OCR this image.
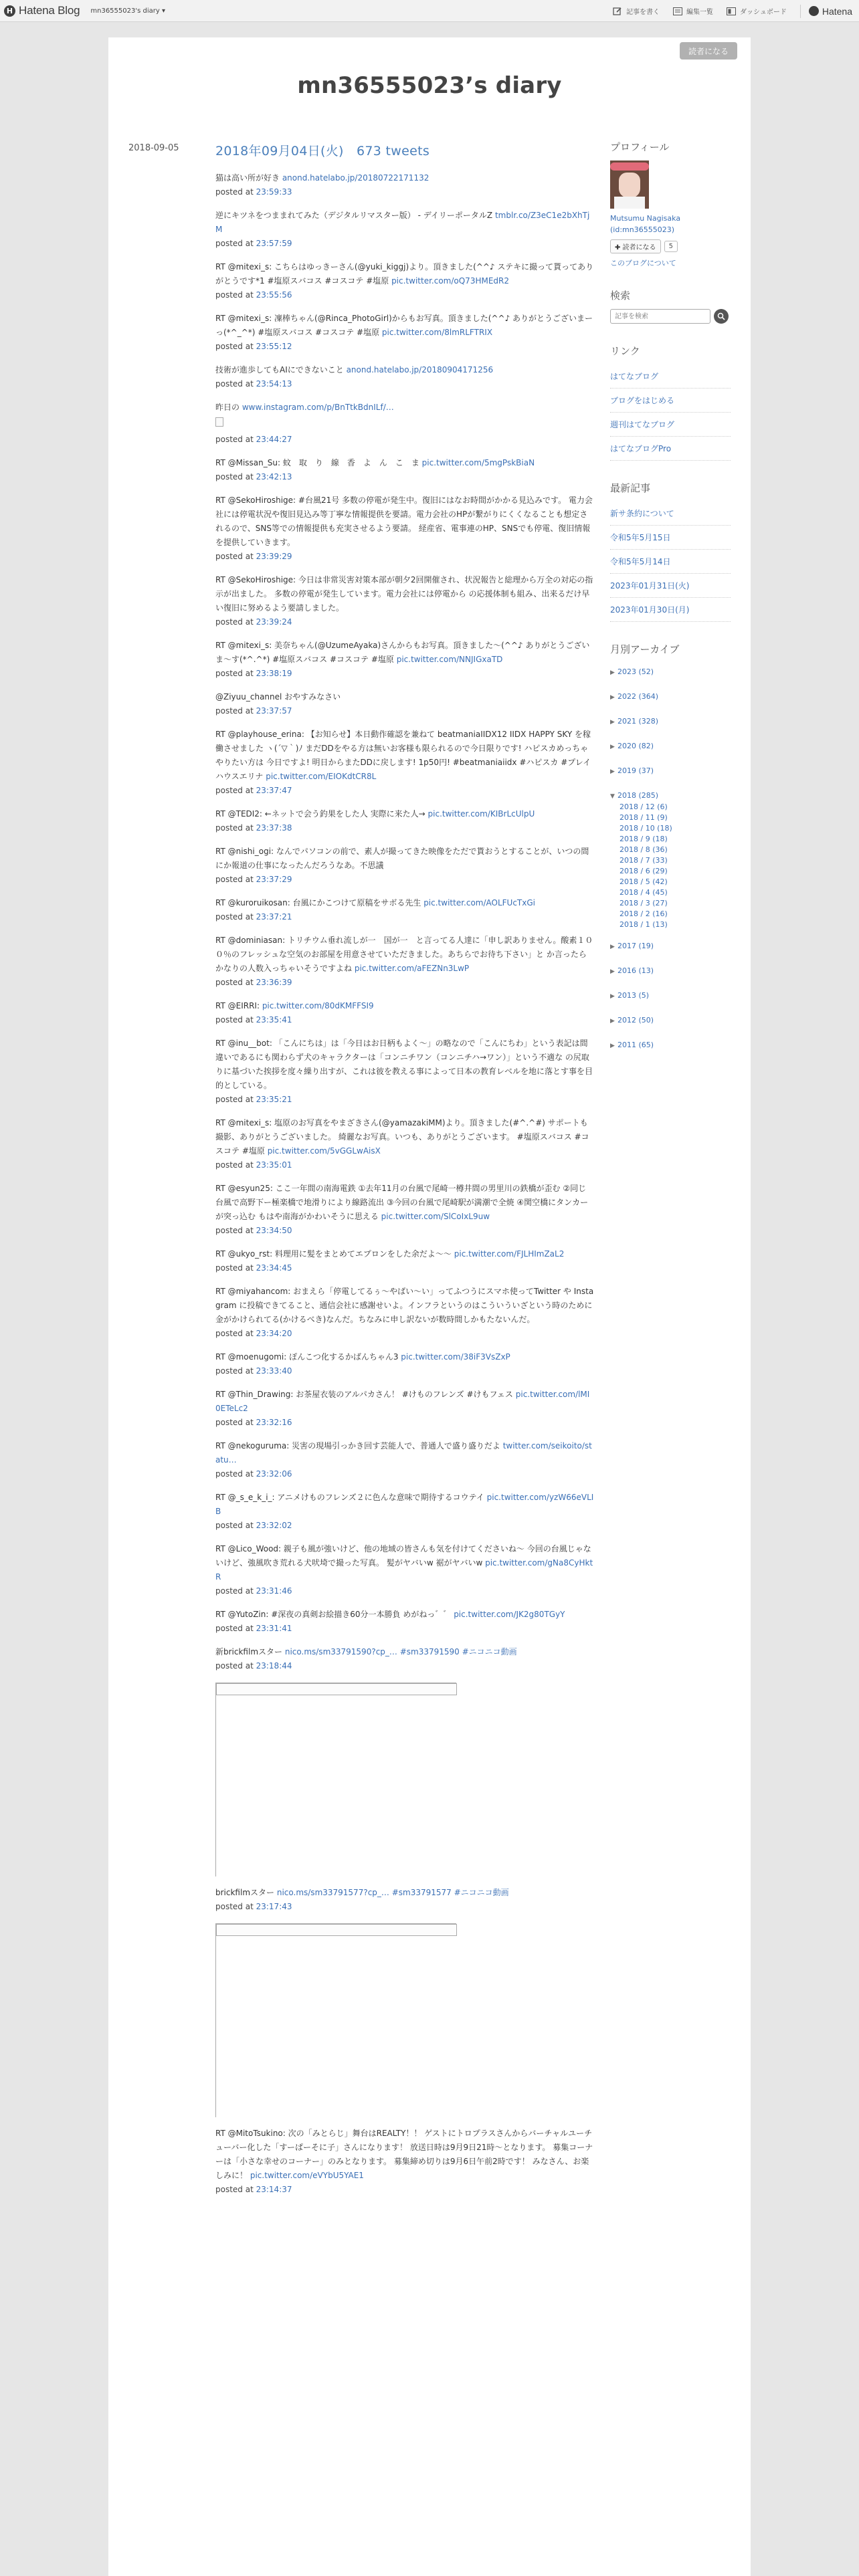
H Hatena Blog mn36555023's diary ▾	記事を書く	編集一覧	ダッシュボード	Hatena
読者になる
mn36555023’s diary
2018-09-05	2018年09月04日(火)　673 tweets
猫は高い所が好き anond.hatelabo.jp/20180722171132
posted at 23:59:33
逆にキツネをつままれてみた（デジタルリマスター版） - デイリーポータルZ tmblr.co/Z3eC1e2bXhTjM
posted at 23:57:59
RT @mitexi_s: こちらはゆっきーさん(@yuki_kiggj)より。頂きました(^^♪ ステキに撮って貰ってありがとうです*1 #塩原スバコス #コスコテ #塩原 pic.twitter.com/oQ73HMEdR2
posted at 23:55:56
RT @mitexi_s: 凜棒ちゃん(@Rinca_PhotoGirl)からもお写真。頂きました(^^♪ ありがとうございまーっ(*^_^*) #塩原スバコス #コスコテ #塩原 pic.twitter.com/8lmRLFTRIX
posted at 23:55:12
技術が進歩してもAIにできないこと anond.hatelabo.jp/20180904171256
posted at 23:54:13
昨日の www.instagram.com/p/BnTtkBdnILf/…

posted at 23:44:27
RT @Missan_Su: 蚊　取　り　線　香　よ　ん　こ　ま pic.twitter.com/5mgPskBiaN
posted at 23:42:13
RT @SekoHiroshige: #台風21号 多数の停電が発生中。復旧にはなお時間がかかる見込みです。 電力会社には停電状況や復旧見込み等丁寧な情報提供を要請。電力会社のHPが繋がりにくくなることも想定されるので、SNS等での情報提供も充実させるよう要請。 経産省、電事連のHP、SNSでも停電、復旧情報を提供していきます。
posted at 23:39:29
RT @SekoHiroshige: 今日は非常災害対策本部が朝夕2回開催され、状況報告と総理から万全の対応の指示が出ました。 多数の停電が発生しています。電力会社には停電から の応援体制も組み、出来るだけ早い復旧に努めるよう要請しました。
posted at 23:39:24
RT @mitexi_s: 美奈ちゃん(@UzumeAyaka)さんからもお写真。頂きました〜(^^♪ ありがとうございま〜す(*^.^*) #塩原スバコス #コスコテ #塩原 pic.twitter.com/NNJIGxaTD
posted at 23:38:19
@Ziyuu_channel おやすみなさい
posted at 23:37:57
RT @playhouse_erina: 【お知らせ】本日動作確認を兼ねて beatmaniaIIDX12 IIDX HAPPY SKY を稼働させました ヽ(´▽｀)ﾉ まだDDをやる方は無いお客様も限られるので今日限りです! ハピスカめっちゃやりたい方は 今日ですよ! 明日からまたDDに戻します! 1p50円! #beatmaniaiidx #ハピスカ #プレイハウスエリナ pic.twitter.com/EIOKdtCR8L
posted at 23:37:47
RT @TEDI2: ←ネットで会う釣果をした人 実際に来た人→ pic.twitter.com/KIBrLcUlpU
posted at 23:37:38
RT @nishi_ogi: なんでパソコンの前で、素人が撮ってきた映像をただで貰おうとすることが、いつの間にか報道の仕事になったんだろうなあ。不思議
posted at 23:37:29
RT @kuroruikosan: 台風にかこつけて原稿をサボる先生 pic.twitter.com/AOLFUcTxGi
posted at 23:37:21
RT @dominiasan: トリチウム垂れ流しが一　国が一　と言ってる人達に「申し訳ありません。酸素１００％のフレッシュな空気のお部屋を用意させていただきました。あちらでお待ち下さい」と か言ったらかなりの人数入っちゃいそうですよね pic.twitter.com/aFEZNn3LwP
posted at 23:36:39
RT @EIRRI: pic.twitter.com/80dKMFFSI9
posted at 23:35:41
RT @inu__bot: 「こんにちは」は「今日はお日柄もよく〜」の略なので「こんにちわ」という表記は間違いであるにも関わらず犬のキャラクターは「コンニチワン（コンニチハ→ワン）」という不適な の尻取りに基づいた挨拶を度々繰り出すが、これは彼を教える事によって日本の教育レベルを地に落とす事を目的としている。
posted at 23:35:21
RT @mitexi_s: 塩原のお写真をやまざきさん(@yamazakiMM)より。頂きました(#^.^#) サポートも撮影、ありがとうございました。 綺麗なお写真。いつも、ありがとうございます。 #塩原スバコス #コスコテ #塩原 pic.twitter.com/5vGGLwAisX
posted at 23:35:01
RT @esyun25: ここ一年間の南海電鉄 ①去年11月の台風で尾崎一樽井間の男里川の鉄橋が歪む ②同じ台風で高野下ー極楽橋で地滑りにより線路流出 ③今回の台風で尾崎駅が満潮で全焼 ④関空橋にタンカーが突っ込む もはや南海がかわいそうに思える pic.twitter.com/SlCoIxL9uw
posted at 23:34:50
RT @ukyo_rst: 料理用に髪をまとめてエプロンをした余だよ〜〜 pic.twitter.com/FJLHImZaL2
posted at 23:34:45
RT @miyahancom: おまえら「停電してるぅ〜やばい〜い」ってふつうにスマホ使ってTwitter や Instagram に投稿できてること、通信会社に感謝せいよ。インフラというのはこういういざという時のために金がかけられてる(かけるべき)なんだ。ちなみに申し訳ないが数時間しかもたないんだ。
posted at 23:34:20
RT @moenugomi: ぽんこつ化するかばんちゃん3 pic.twitter.com/38iF3VsZxP
posted at 23:33:40
RT @Thin_Drawing: お茶屋衣装のアルパカさん！ #けものフレンズ #けもフェス pic.twitter.com/lMI0ETeLc2
posted at 23:32:16
RT @nekoguruma: 災害の現場引っかき回す芸能人で、普通人で盛り盛りだよ twitter.com/seikoito/statu…
posted at 23:32:06
RT @_s_e_k_i_: アニメけものフレンズ２に色んな意味で期待するコウテイ pic.twitter.com/yzW66eVLIB
posted at 23:32:02
RT @Lico_Wood: 親子も風が強いけど、他の地域の皆さんも気を付けてくださいね〜 今回の台風じゃないけど、強風吹き荒れる犬吠埼で撮った写真。 髪がヤバいw 裾がヤバいw pic.twitter.com/gNa8CyHktR
posted at 23:31:46
RT @YutoZin: #深夜の真剣お絵描き60分一本勝負 めがねっ゛゛ pic.twitter.com/JK2g80TGyY
posted at 23:31:41
新brickfilmスター nico.ms/sm33791590?cp_… #sm33791590 #ニコニコ動画
posted at 23:18:44
brickfilmスター nico.ms/sm33791577?cp_… #sm33791577 #ニコニコ動画
posted at 23:17:43
RT @MitoTsukino: 次の「みとらじ」舞台はREALTY！！ ゲストにトロプラスさんからバーチャルユーチューバー化した「すーぱーそに子」さんになります！ 放送日時は9月9日21時〜となります。 募集コーナーは「小さな幸せのコーナー」のみとなります。 募集締め切りは9月6日午前2時です！ みなさん、お楽しみに！ pic.twitter.com/eVYbU5YAE1
posted at 23:14:37
プロフィール
Mutsumu Nagisaka
(id:mn36555023)
✚ 読者になる	5
このブログについて
検索
記事を検索
リンク
はてなブログ
ブログをはじめる
週刊はてなブログ
はてなブログPro
最新記事
新サ条約について
令和5年5月15日
令和5年5月14日
2023年01月31日(火)
2023年01月30日(月)
月別アーカイブ
▶ 2023 (52)
▶ 2022 (364)
▶ 2021 (328)
▶ 2020 (82)
▶ 2019 (37)
▼ 2018 (285)
2018 / 12 (6)
2018 / 11 (9)
2018 / 10 (18)
2018 / 9 (18)
2018 / 8 (36)
2018 / 7 (33)
2018 / 6 (29)
2018 / 5 (42)
2018 / 4 (45)
2018 / 3 (27)
2018 / 2 (16)
2018 / 1 (13)
▶ 2017 (19)
▶ 2016 (13)
▶ 2013 (5)
▶ 2012 (50)
▶ 2011 (65)
